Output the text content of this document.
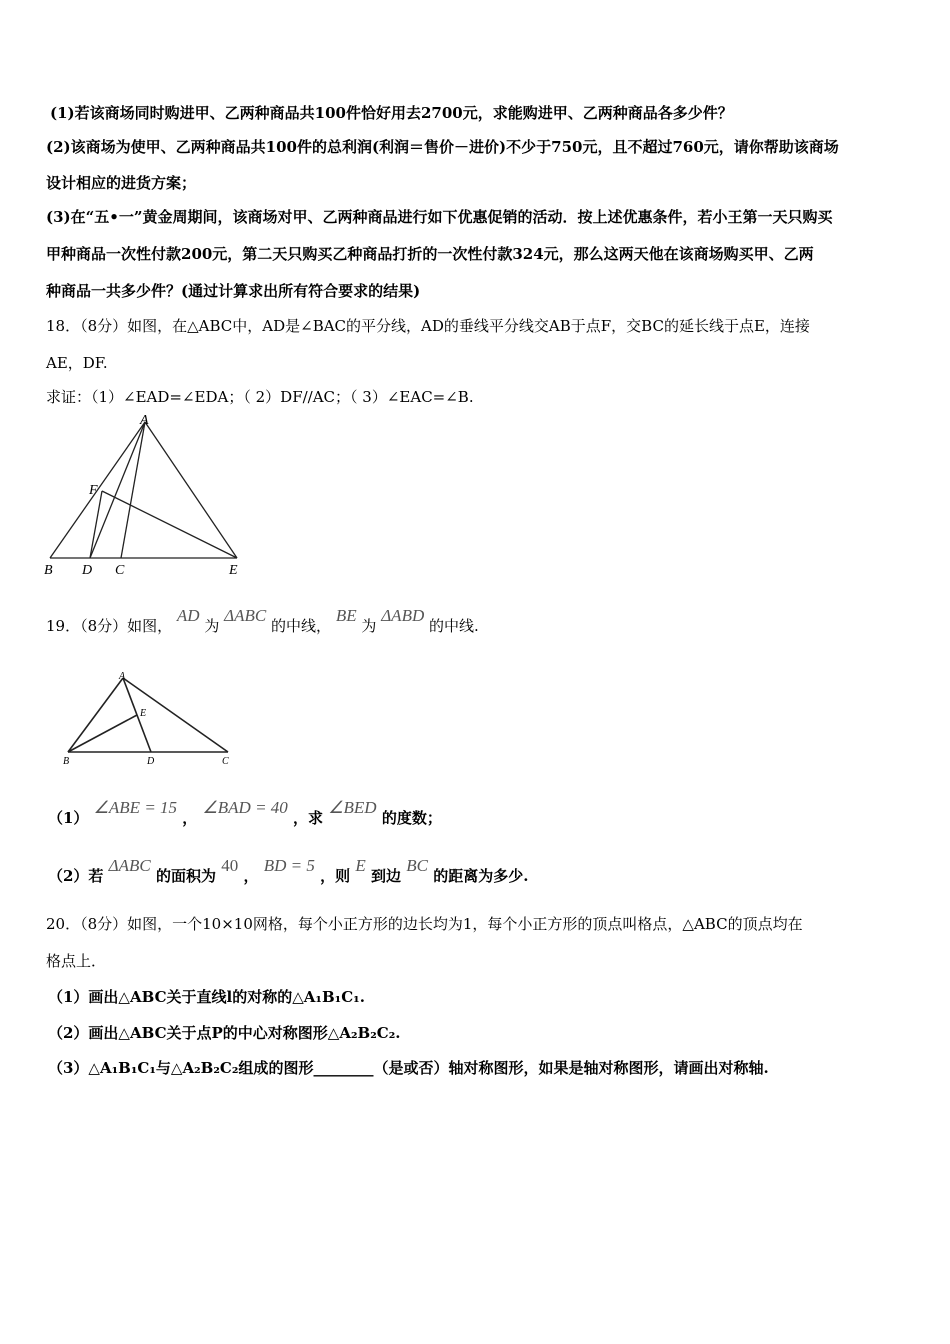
(1)若该商场同时购进甲、乙两种商品共100件恰好用去2700元，求能购进甲、乙两种商品各多少件？
(2)该商场为使甲、乙两种商品共100件的总利润(利润＝售价－进价)不少于750元，且不超过760元，请你帮助该商场
设计相应的进货方案；
(3)在“五•一”黄金周期间，该商场对甲、乙两种商品进行如下优惠促销的活动．按上述优惠条件，若小王第一天只购买
甲种商品一次性付款200元，第二天只购买乙种商品打折的一次性付款324元，那么这两天他在该商场购买甲、乙两
种商品一共多少件？(通过计算求出所有符合要求的结果)
18．（8分）如图，在△ABC中，AD是∠BAC的平分线，AD的垂线平分线交AB于点F，交BC的延长线于点E，连接
AE，DF.
求证：（1）∠EAD=∠EDA；（ 2）DF//AC；（ 3）∠EAC=∠B.
A
F
B D C	E
19．（8分）如图， AD 为 ΔABC 的中线， BE 为 ΔABD 的中线.
A
E
B	D	C
（1） ∠ABE = 15 ， ∠BAD = 40 ，求 ∠BED 的度数；
（2）若 ΔABC 的面积为 40 ， BD = 5 ，则 E 到边 BC 的距离为多少.
20．（8分）如图，一个10×10网格，每个小正方形的边长均为1，每个小正方形的顶点叫格点，△ABC的顶点均在
格点上．
（1）画出△ABC关于直线l的对称的△A₁B₁C₁.
（2）画出△ABC关于点P的中心对称图形△A₂B₂C₂.
（3）△A₁B₁C₁与△A₂B₂C₂组成的图形________（是或否）轴对称图形，如果是轴对称图形，请画出对称轴.
